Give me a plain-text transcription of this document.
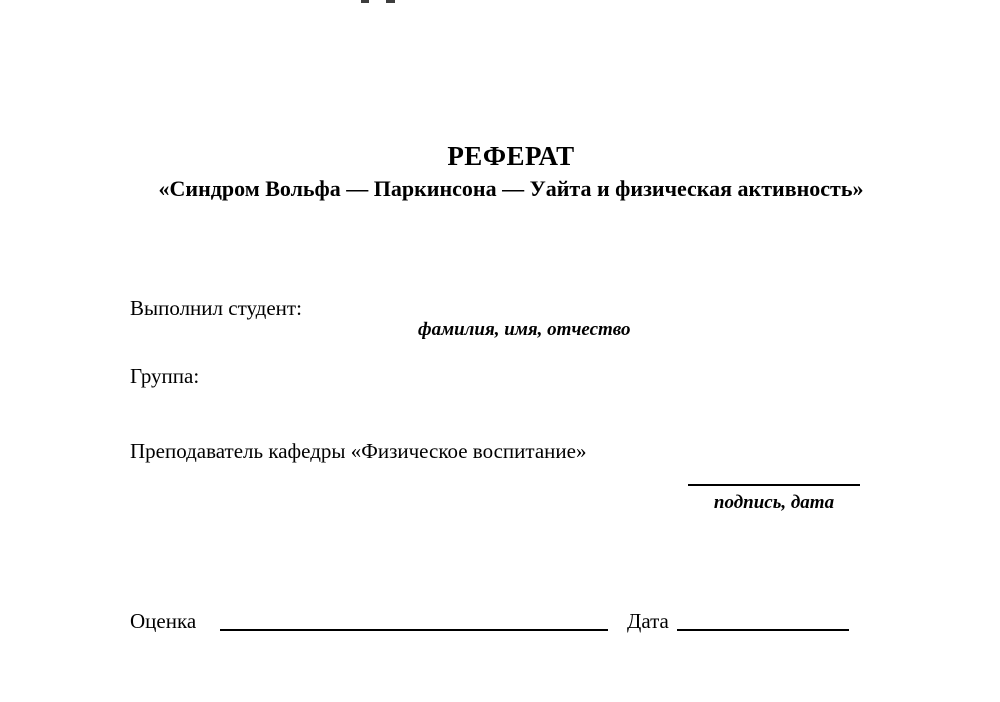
РЕФЕРАТ
«Синдром Вольфа — Паркинсона — Уайта и физическая активность»
Выполнил студент:
фамилия, имя, отчество
Группа:
Преподаватель кафедры «Физическое воспитание»
подпись, дата
Оценка	Дата
